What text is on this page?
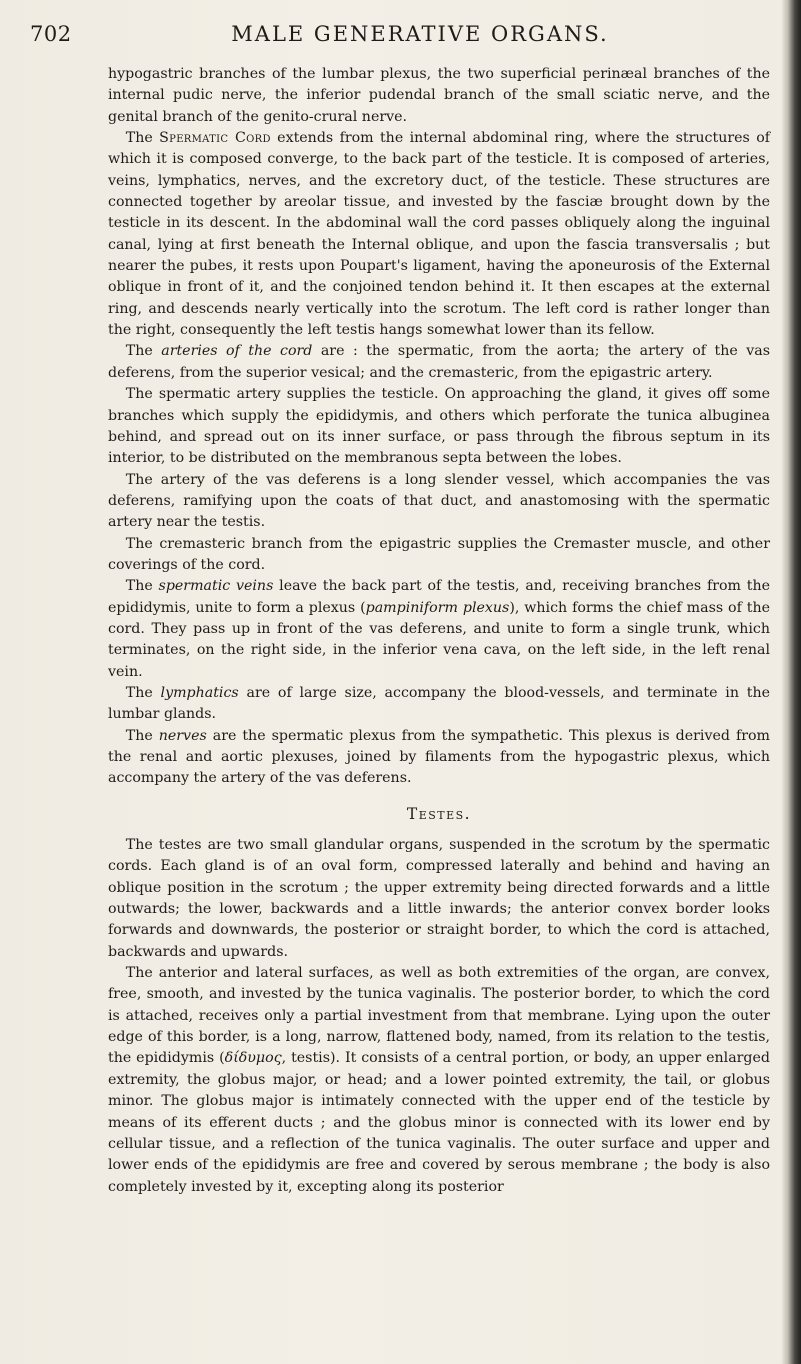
702	MALE GENERATIVE ORGANS.

hypogastric branches of the lumbar plexus, the two superficial perinæal branches of the internal pudic nerve, the inferior pudendal branch of the small sciatic nerve, and the genital branch of the genito-crural nerve.

The Spermatic Cord extends from the internal abdominal ring, where the structures of which it is composed converge, to the back part of the testicle. It is composed of arteries, veins, lymphatics, nerves, and the excretory duct, of the testicle. These structures are connected together by areolar tissue, and invested by the fasciæ brought down by the testicle in its descent. In the abdominal wall the cord passes obliquely along the inguinal canal, lying at first beneath the Internal oblique, and upon the fascia transversalis ; but nearer the pubes, it rests upon Poupart's ligament, having the aponeurosis of the External oblique in front of it, and the conjoined tendon behind it. It then escapes at the external ring, and descends nearly vertically into the scrotum. The left cord is rather longer than the right, consequently the left testis hangs somewhat lower than its fellow.

The arteries of the cord are : the spermatic, from the aorta; the artery of the vas deferens, from the superior vesical; and the cremasteric, from the epigastric artery.

The spermatic artery supplies the testicle. On approaching the gland, it gives off some branches which supply the epididymis, and others which perforate the tunica albuginea behind, and spread out on its inner surface, or pass through the fibrous septum in its interior, to be distributed on the membranous septa between the lobes.

The artery of the vas deferens is a long slender vessel, which accompanies the vas deferens, ramifying upon the coats of that duct, and anastomosing with the spermatic artery near the testis.

The cremasteric branch from the epigastric supplies the Cremaster muscle, and other coverings of the cord.

The spermatic veins leave the back part of the testis, and, receiving branches from the epididymis, unite to form a plexus (pampiniform plexus), which forms the chief mass of the cord. They pass up in front of the vas deferens, and unite to form a single trunk, which terminates, on the right side, in the inferior vena cava, on the left side, in the left renal vein.

The lymphatics are of large size, accompany the blood-vessels, and terminate in the lumbar glands.

The nerves are the spermatic plexus from the sympathetic. This plexus is derived from the renal and aortic plexuses, joined by filaments from the hypogastric plexus, which accompany the artery of the vas deferens.

Testes.

The testes are two small glandular organs, suspended in the scrotum by the spermatic cords. Each gland is of an oval form, compressed laterally and behind and having an oblique position in the scrotum ; the upper extremity being directed forwards and a little outwards; the lower, backwards and a little inwards; the anterior convex border looks forwards and downwards, the posterior or straight border, to which the cord is attached, backwards and upwards.

The anterior and lateral surfaces, as well as both extremities of the organ, are convex, free, smooth, and invested by the tunica vaginalis. The posterior border, to which the cord is attached, receives only a partial investment from that membrane. Lying upon the outer edge of this border, is a long, narrow, flattened body, named, from its relation to the testis, the epididymis (δίδυμος, testis). It consists of a central portion, or body, an upper enlarged extremity, the globus major, or head; and a lower pointed extremity, the tail, or globus minor. The globus major is intimately connected with the upper end of the testicle by means of its efferent ducts ; and the globus minor is connected with its lower end by cellular tissue, and a reflection of the tunica vaginalis. The outer surface and upper and lower ends of the epididymis are free and covered by serous membrane ; the body is also completely invested by it, excepting along its posterior
